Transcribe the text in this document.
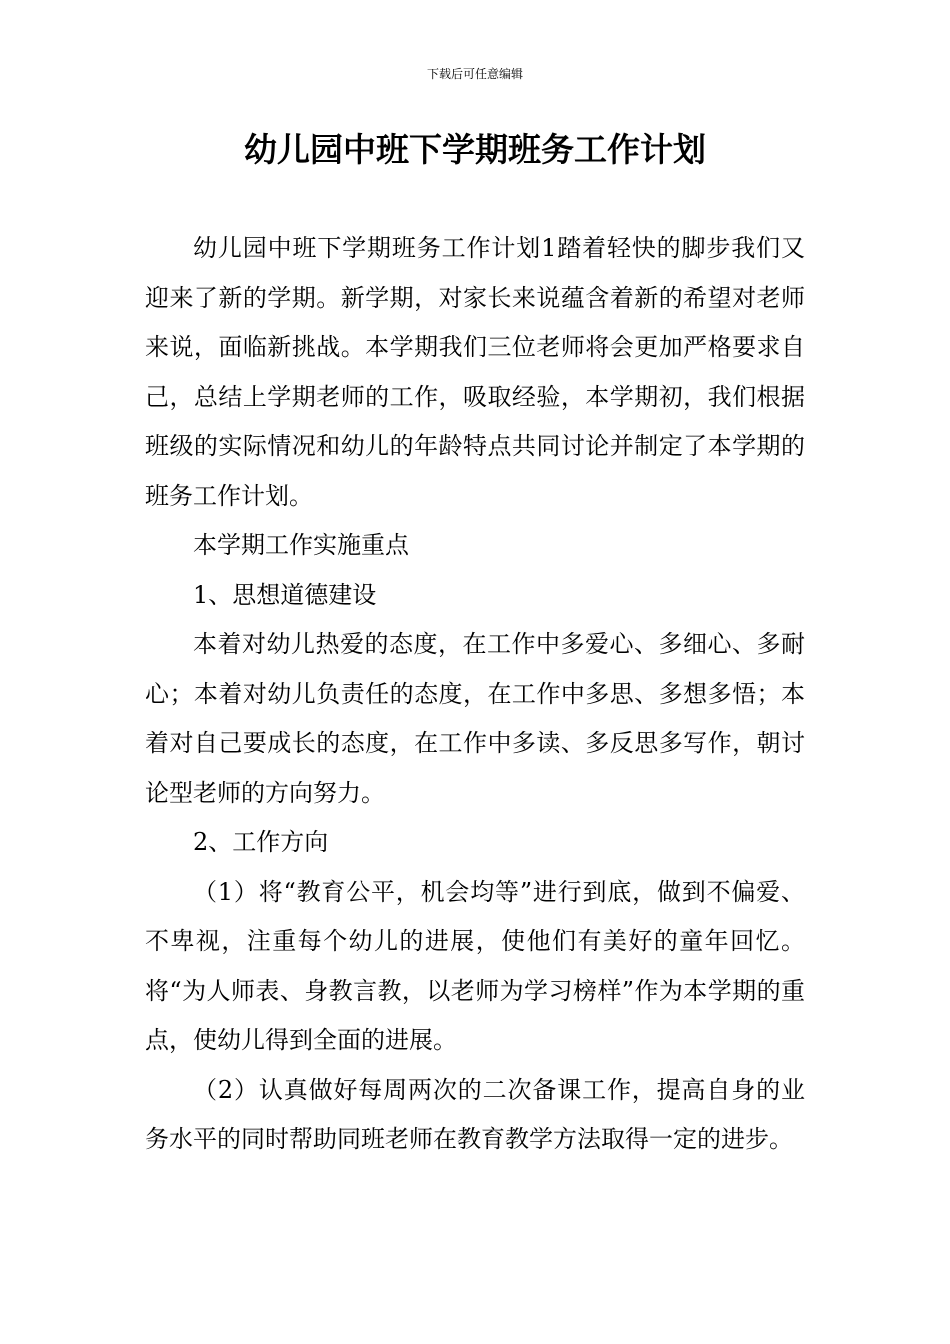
下载后可任意编辑
幼儿园中班下学期班务工作计划

幼儿园中班下学期班务工作计划1踏着轻快的脚步我们又迎来了新的学期。新学期，对家长来说蕴含着新的希望对老师来说，面临新挑战。本学期我们三位老师将会更加严格要求自己，总结上学期老师的工作，吸取经验，本学期初，我们根据班级的实际情况和幼儿的年龄特点共同讨论并制定了本学期的班务工作计划。

本学期工作实施重点

1、思想道德建设

本着对幼儿热爱的态度，在工作中多爱心、多细心、多耐心；本着对幼儿负责任的态度，在工作中多思、多想多悟；本着对自己要成长的态度，在工作中多读、多反思多写作，朝讨论型老师的方向努力。

2、工作方向

（1）将“教育公平，机会均等”进行到底，做到不偏爱、不卑视，注重每个幼儿的进展，使他们有美好的童年回忆。将“为人师表、身教言教，以老师为学习榜样”作为本学期的重点，使幼儿得到全面的进展。

（2）认真做好每周两次的二次备课工作，提高自身的业务水平的同时帮助同班老师在教育教学方法取得一定的进步。
